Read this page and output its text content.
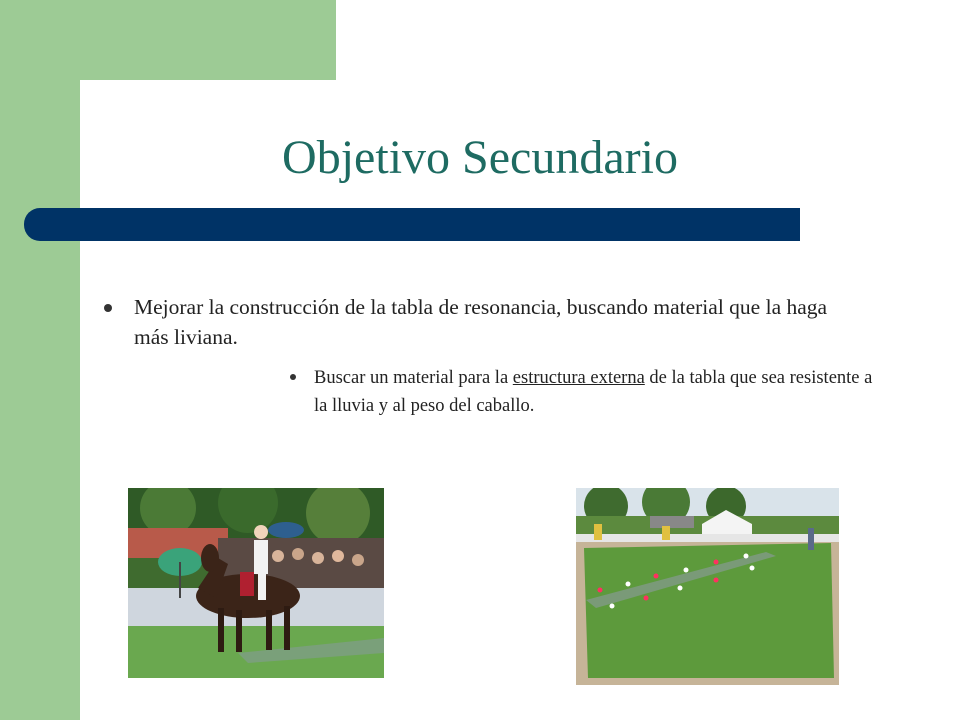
Objetivo Secundario
Mejorar la construcción de la tabla de resonancia, buscando material que la haga más liviana.
Buscar un material para la estructura externa de la tabla que sea resistente a la lluvia y al peso del caballo.
